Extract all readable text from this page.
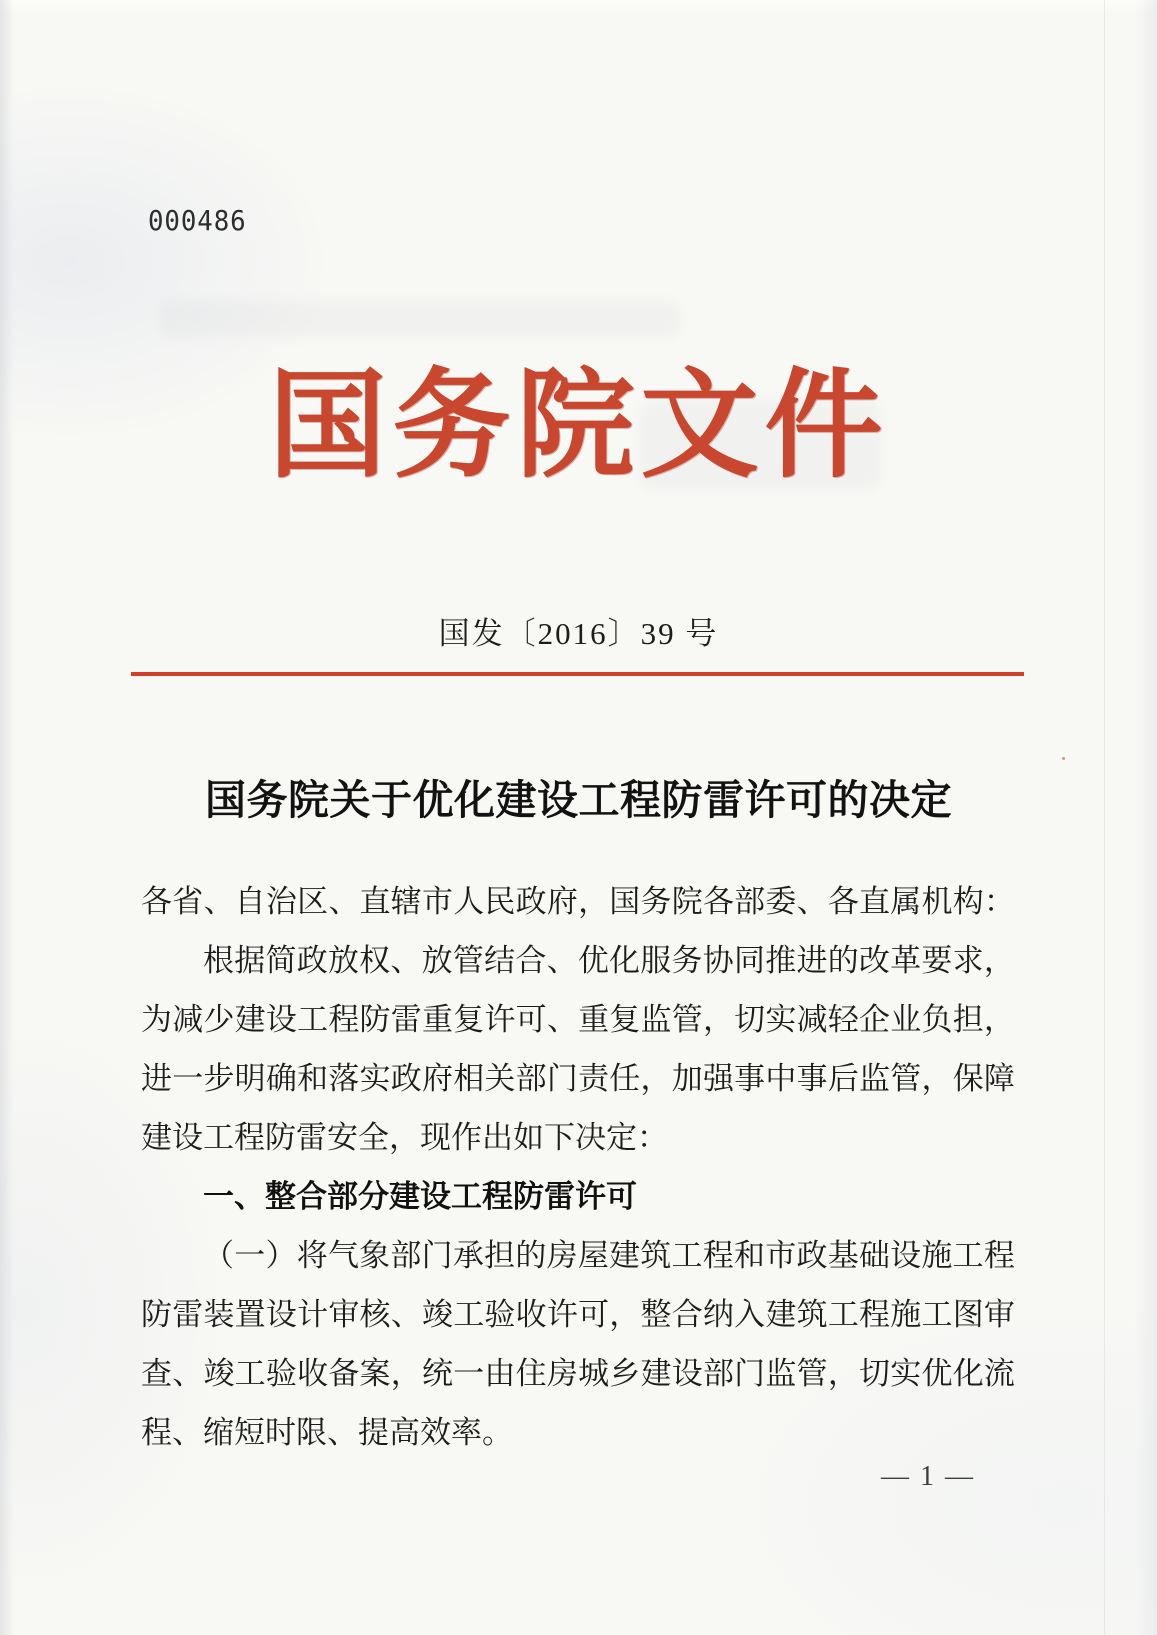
000486
国务院文件
国发〔2016〕39 号
国务院关于优化建设工程防雷许可的决定
各 省 、 自 治 区 、 直 辖 市 人 民 政 府 ， 国 务 院 各 部 委 、 各 直 属 机 构 ：
根 据 简 政 放 权 、 放 管 结 合 、 优 化 服 务 协 同 推 进 的 改 革 要 求 ，
为 减 少 建 设 工 程 防 雷 重 复 许 可 、 重 复 监 管 ， 切 实 减 轻 企 业 负 担 ，
进 一 步 明 确 和 落 实 政 府 相 关 部 门 责 任 ， 加 强 事 中 事 后 监 管 ， 保 障
建设工程防雷安全，现作出如下决定：
一、整合部分建设工程防雷许可
（ 一 ） 将 气 象 部 门 承 担 的 房 屋 建 筑 工 程 和 市 政 基 础 设 施 工 程
防 雷 装 置 设 计 审 核 、 竣 工 验 收 许 可 ， 整 合 纳 入 建 筑 工 程 施 工 图 审
查 、 竣 工 验 收 备 案 ， 统 一 由 住 房 城 乡 建 设 部 门 监 管 ， 切 实 优 化 流
程、缩短时限、提高效率。
— 1 —
